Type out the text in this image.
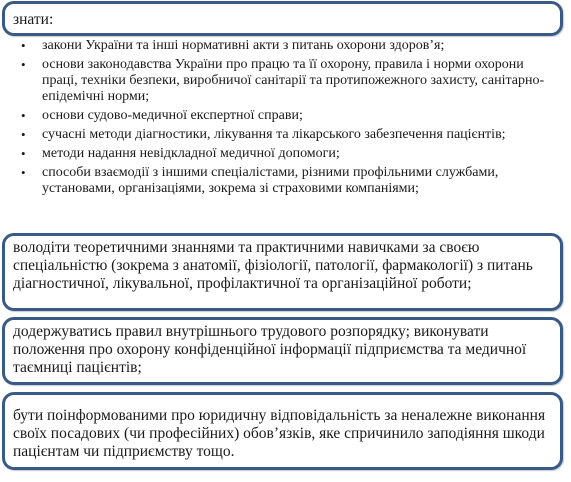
знати:
• закони України та інші нормативні акти з питань охорони здоров’я;
• основи законодавства України про працю та її охорону, правила і норми охорони праці, техніки безпеки, виробничої санітарії та протипожежного захисту, санітарно-епідемічні норми;
• основи судово-медичної експертної справи;
• сучасні методи діагностики, лікування та лікарського забезпечення пацієнтів;
• методи надання невідкладної медичної допомоги;
• способи взаємодії з іншими спеціалістами, різними профільними службами, установами, організаціями, зокрема зі страховими компаніями;
володіти теоретичними знаннями та практичними навичками за своєю спеціальністю (зокрема з анатомії, фізіології, патології, фармакології) з питань діагностичної, лікувальної, профілактичної та організаційної роботи;
додержуватись правил внутрішнього трудового розпорядку; виконувати положення про охорону конфіденційної інформації підприємства та медичної таємниці пацієнтів;
бути поінформованими про юридичну відповідальність за неналежне виконання своїх посадових (чи професійних) обов’язків, яке спричинило заподіяння шкоди пацієнтам чи підприємству тощо.
